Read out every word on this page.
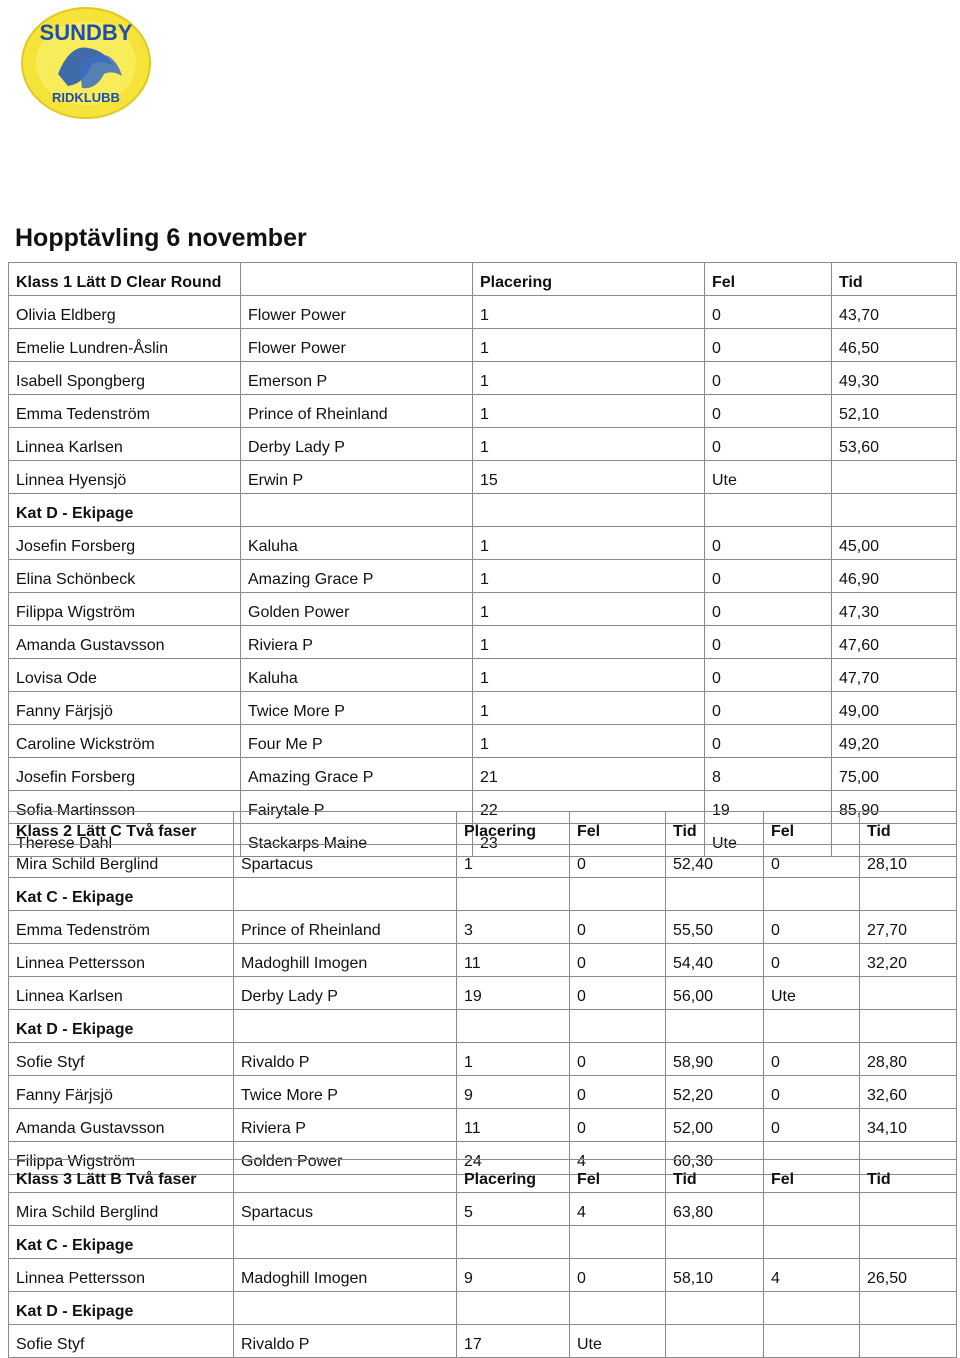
SUNDBY
RIDKLUBB
Hopptävling 6 november
Klass 1 Lätt D Clear Round		Placering	Fel	Tid
Olivia Eldberg	Flower Power	1	0	43,70
Emelie Lundren-Åslin	Flower Power	1	0	46,50
Isabell Spongberg	Emerson P	1	0	49,30
Emma Tedenström	Prince of Rheinland	1	0	52,10
Linnea Karlsen	Derby Lady P	1	0	53,60
Linnea Hyensjö	Erwin P	15	Ute	
Kat D - Ekipage				
Josefin Forsberg	Kaluha	1	0	45,00
Elina Schönbeck	Amazing Grace P	1	0	46,90
Filippa Wigström	Golden Power	1	0	47,30
Amanda Gustavsson	Riviera P	1	0	47,60
Lovisa Ode	Kaluha	1	0	47,70
Fanny Färjsjö	Twice More P	1	0	49,00
Caroline Wickström	Four Me P	1	0	49,20
Josefin Forsberg	Amazing Grace P	21	8	75,00
Sofia Martinsson	Fairytale P	22	19	85,90
Therese Dahl	Stackarps Maine	23	Ute	
Klass 2 Lätt C Två faser		Placering	Fel	Tid	Fel	Tid
Mira Schild Berglind	Spartacus	1	0	52,40	0	28,10
Kat C - Ekipage						
Emma Tedenström	Prince of Rheinland	3	0	55,50	0	27,70
Linnea Pettersson	Madoghill Imogen	11	0	54,40	0	32,20
Linnea Karlsen	Derby Lady P	19	0	56,00	Ute	
Kat D - Ekipage						
Sofie Styf	Rivaldo P	1	0	58,90	0	28,80
Fanny Färjsjö	Twice More P	9	0	52,20	0	32,60
Amanda Gustavsson	Riviera P	11	0	52,00	0	34,10
Filippa Wigström	Golden Power	24	4	60,30		
Klass 3 Lätt B Två faser		Placering	Fel	Tid	Fel	Tid
Mira Schild Berglind	Spartacus	5	4	63,80		
Kat C - Ekipage						
Linnea Pettersson	Madoghill Imogen	9	0	58,10	4	26,50
Kat D - Ekipage						
Sofie Styf	Rivaldo P	17	Ute			
